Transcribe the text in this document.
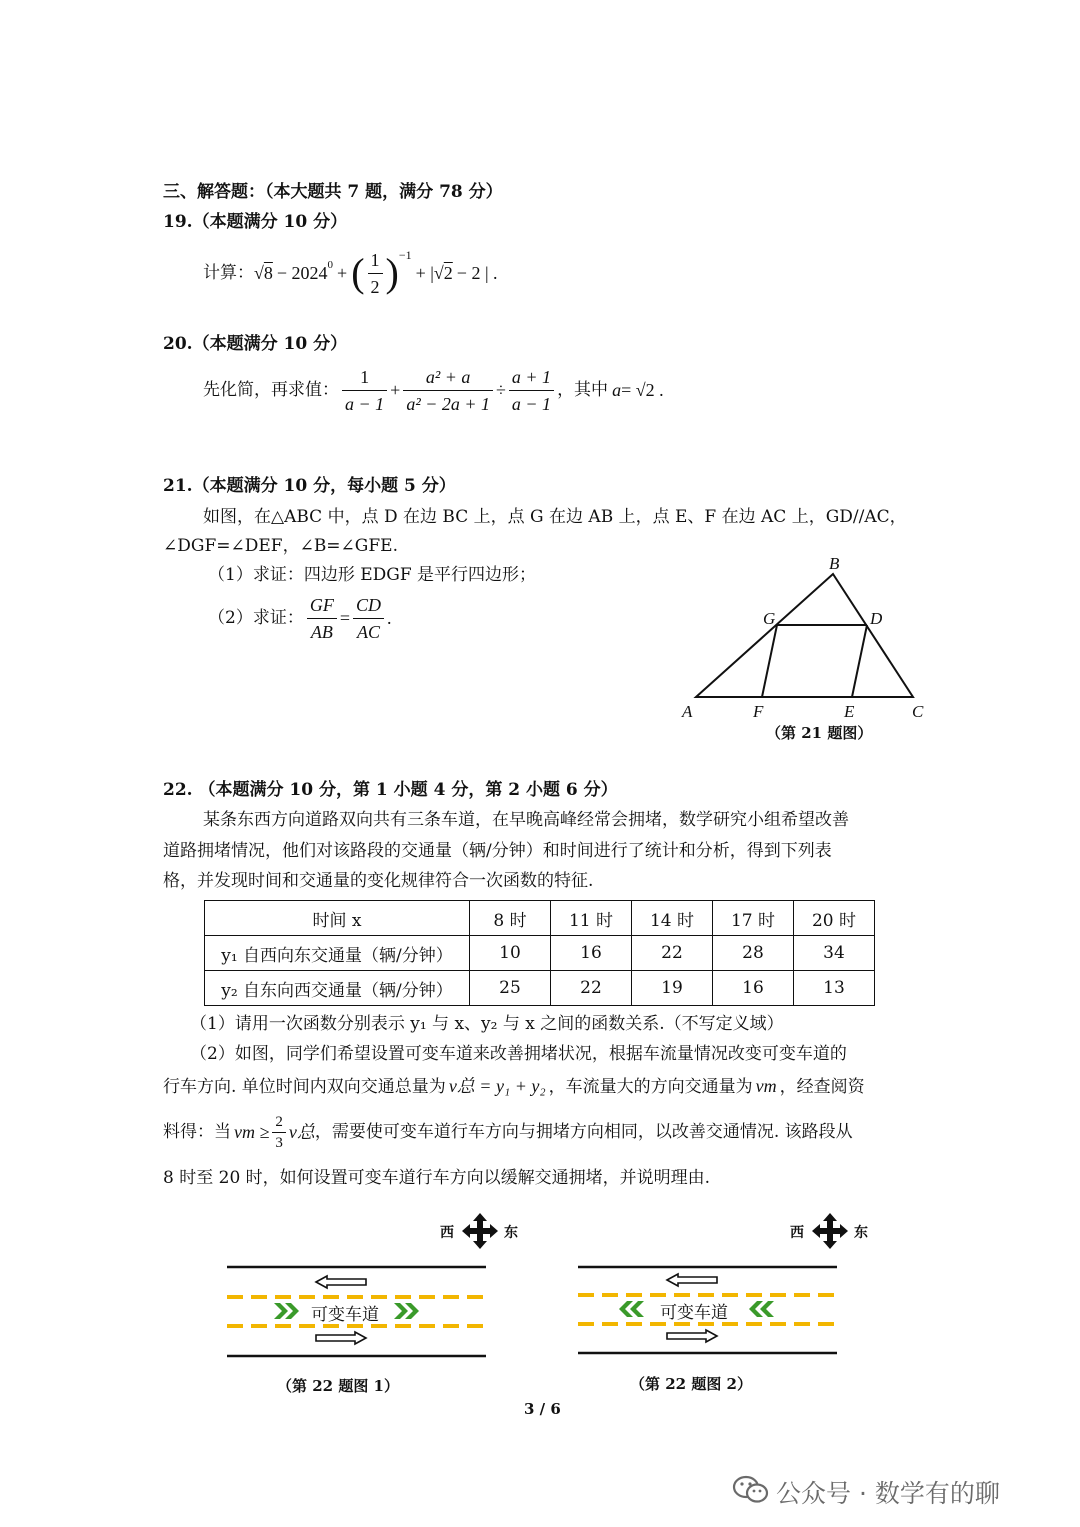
三、解答题：（本大题共 7 题，满分 78 分）
19.（本题满分 10 分）
计算： $√8 - 2024^0$ + ( $\frac{1}{2} )^{-1}$
+ | √2 − 2 | .
20.（本题满分 10 分）
先化简，再求值： $\frac{1}{a - 1} + \frac{\text{a² + a}}{\text{a² − 2a + 1}} \div \frac{a + 1}{a - 1}$ ，其中 a = √2 .
21.（本题满分 10 分，每小题 5 分）
如图，在△ABC 中，点 D 在边 BC 上，点 G 在边 AB 上，点 E、F 在边 AC 上，GD//AC，
∠DGF=∠DEF，∠B=∠GFE.
（1）求证：四边形 EDGF 是平行四边形；
（2）求证： $\frac{GF}{AB} = \frac{CD}{AC}$ .
B
G	D
A	F	E	C
（第 21 题图）
22. （本题满分 10 分，第 1 小题 4 分，第 2 小题 6 分）
某条东西方向道路双向共有三条车道，在早晚高峰经常会拥堵，数学研究小组希望改善
道路拥堵情况，他们对该路段的交通量（辆/分钟）和时间进行了统计和分析，得到下列表
格，并发现时间和交通量的变化规律符合一次函数的特征.
时间 x	8 时	11 时	14 时	17 时	20 时
y₁ 自西向东交通量（辆/分钟）	10	16	22	28	34
y₂ 自东向西交通量（辆/分钟）	25	22	19	16	13
（1）请用一次函数分别表示 y₁ 与 x、y₂ 与 x 之间的函数关系.（不写定义域）
（2）如图，同学们希望设置可变车道来改善拥堵状况，根据车流量情况改变可变车道的
行车方向. 单位时间内双向交通总量为 v总 = y₁ + y₂ ，车流量大的方向交通量为 vm ，经查阅资
料得：当 vm ≥ $\frac{2}{3}$ v总 ，需要使可变车道行车方向与拥堵方向相同，以改善交通情况. 该路段从
8 时至 20 时，如何设置可变车道行车方向以缓解交通拥堵，并说明理由.
西	东
可变车道
（第 22 题图 1）
西	东
可变车道
（第 22 题图 2）
3 / 6
公众号 · 数学有的聊
